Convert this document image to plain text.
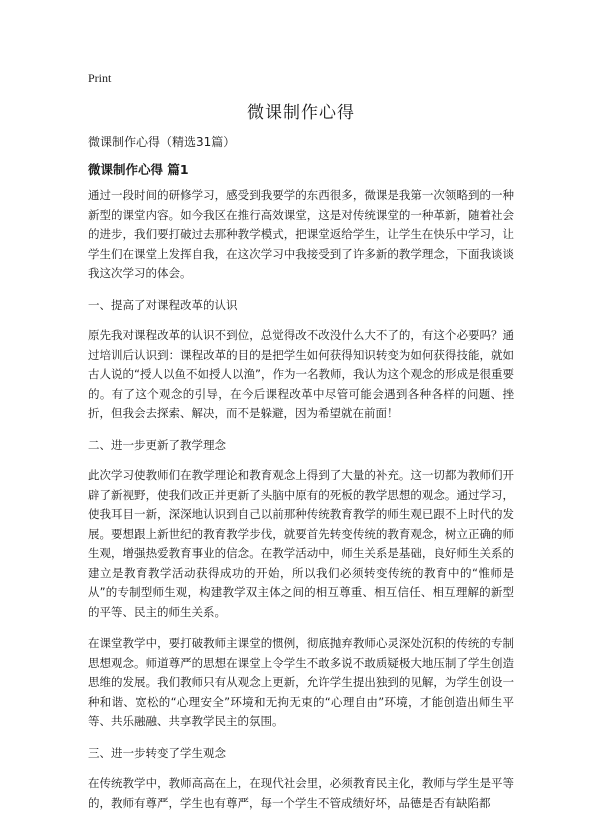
Print
微课制作心得

微课制作心得（精选31篇）

微课制作心得 篇1

通过一段时间的研修学习，感受到我要学的东西很多，微课是我第一次领略到的一种新型的课堂内容。如今我区在推行高效课堂，这是对传统课堂的一种革新，随着社会的进步，我们要打破过去那种教学模式，把课堂返给学生，让学生在快乐中学习，让学生们在课堂上发挥自我，在这次学习中我接受到了许多新的教学理念，下面我谈谈我这次学习的体会。

一、提高了对课程改革的认识

原先我对课程改革的认识不到位，总觉得改不改没什么大不了的，有这个必要吗？通过培训后认识到：课程改革的目的是把学生如何获得知识转变为如何获得技能，就如古人说的“授人以鱼不如授人以渔”，作为一名教师，我认为这个观念的形成是很重要的。有了这个观念的引导，在今后课程改革中尽管可能会遇到各种各样的问题、挫折，但我会去探索、解决，而不是躲避，因为希望就在前面！

二、进一步更新了教学理念

此次学习使教师们在教学理论和教育观念上得到了大量的补充。这一切都为教师们开辟了新视野，使我们改正并更新了头脑中原有的死板的教学思想的观念。通过学习，使我耳目一新，深深地认识到自己以前那种传统教育教学的师生观已跟不上时代的发展。要想跟上新世纪的教育教学步伐，就要首先转变传统的教育观念，树立正确的师生观，增强热爱教育事业的信念。在教学活动中，师生关系是基础，良好师生关系的建立是教育教学活动获得成功的开始，所以我们必须转变传统的教育中的“惟师是从”的专制型师生观，构建教学双主体之间的相互尊重、相互信任、相互理解的新型的平等、民主的师生关系。

在课堂教学中，要打破教师主课堂的惯例，彻底抛弃教师心灵深处沉积的传统的专制思想观念。师道尊严的思想在课堂上令学生不敢多说不敢质疑极大地压制了学生创造思维的发展。我们教师只有从观念上更新，允许学生提出独到的见解，为学生创设一种和谐、宽松的“心理安全”环境和无拘无束的“心理自由”环境，才能创造出师生平等、共乐融融、共享教学民主的氛围。

三、进一步转变了学生观念

在传统教学中，教师高高在上，在现代社会里，必须教育民主化，教师与学生是平等的，教师有尊严，学生也有尊严，每一个学生不管成绩好坏，品德是否有缺陷都
